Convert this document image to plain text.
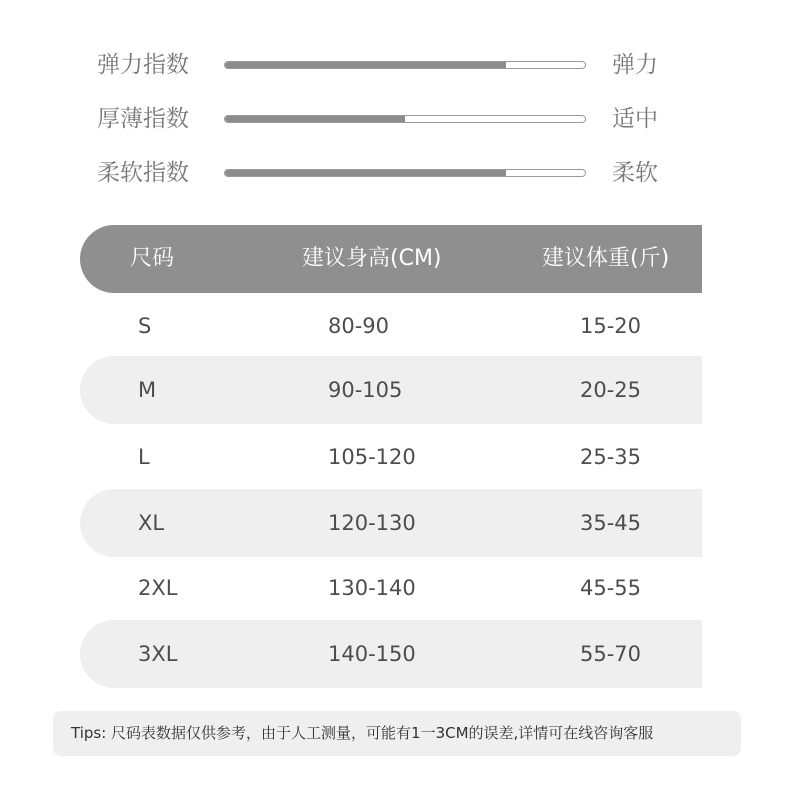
弹力指数	弹力
厚薄指数	适中
柔软指数	柔软
尺码	建议身高(CM)	建议体重(斤)
S	80-90	15-20
M	90-105	20-25
L	105-120	25-35
XL	120-130	35-45
2XL	130-140	45-55
3XL	140-150	55-70
Tips: 尺码表数据仅供参考，由于人工测量，可能有1一3CM的误差,详情可在线咨询客服
